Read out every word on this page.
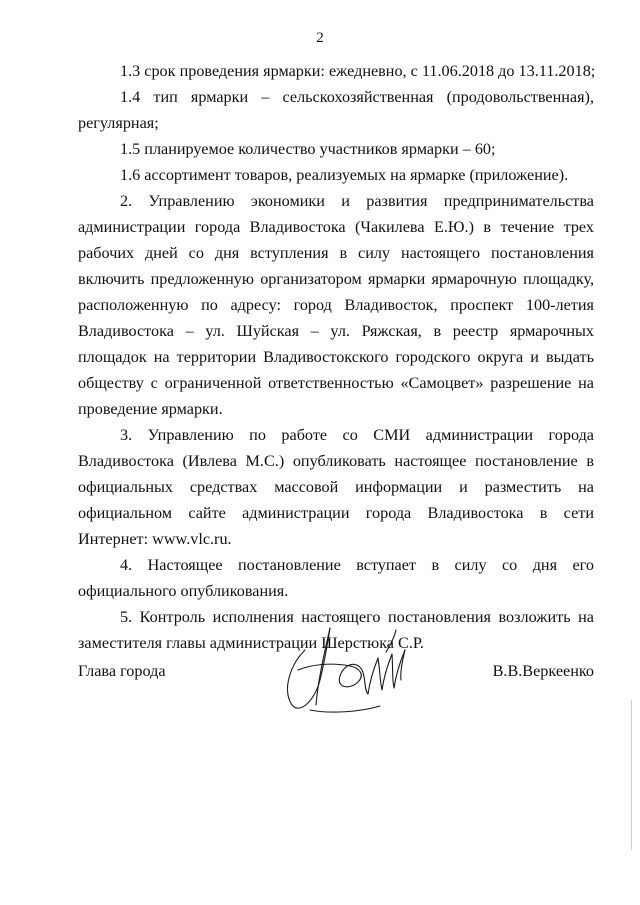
2

1.3 срок проведения ярмарки: ежедневно, с 11.06.2018 до 13.11.2018;

1.4 тип ярмарки – сельскохозяйственная (продовольственная), регулярная;

1.5 планируемое количество участников ярмарки – 60;

1.6 ассортимент товаров, реализуемых на ярмарке (приложение).

2. Управлению экономики и развития предпринимательства администрации города Владивостока (Чакилева Е.Ю.) в течение трех рабочих дней со дня вступления в силу настоящего постановления включить предложенную организатором ярмарки ярмарочную площадку, расположенную по адресу: город Владивосток, проспект 100-летия Владивостока – ул. Шуйская – ул. Ряжская, в реестр ярмарочных площадок на территории Владивостокского городского округа и выдать обществу с ограниченной ответственностью «Самоцвет» разрешение на проведение ярмарки.

3. Управлению по работе со СМИ администрации города Владивостока (Ивлева М.С.) опубликовать настоящее постановление в официальных средствах массовой информации и разместить на официальном сайте администрации города Владивостока в сети Интернет: www.vlc.ru.

4. Настоящее постановление вступает в силу со дня его официального опубликования.

5. Контроль исполнения настоящего постановления возложить на заместителя главы администрации Шерстюка С.Р.

Глава города	В.В.Веркеенко
